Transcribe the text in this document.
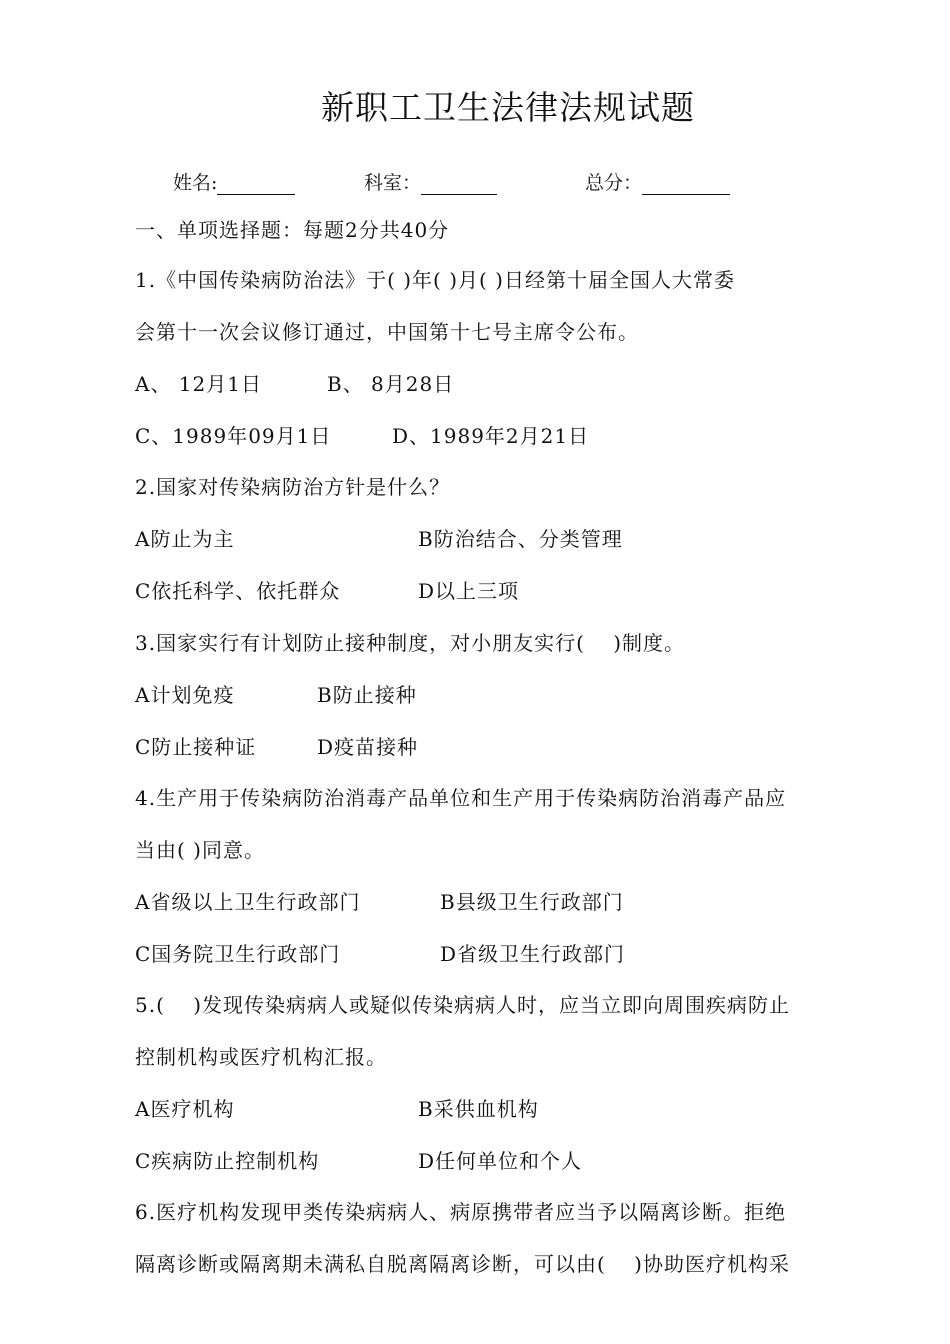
新职工卫生法律法规试题
姓名:	科室：	总分：
一、单项选择题：每题2分共40分
1.《中国传染病防治法》于( )年( )月( )日经第十届全国人大常委
会第十一次会议修订通过，中国第十七号主席令公布。
A、 12月1日	B、 8月28日
C、1989年09月1日	D、1989年2月21日
2.国家对传染病防治方针是什么？
A防止为主	B防治结合、分类管理
C依托科学、依托群众	D以上三项
3.国家实行有计划防止接种制度，对小朋友实行(　 )制度。
A计划免疫	B防止接种
C防止接种证	D疫苗接种
4.生产用于传染病防治消毒产品单位和生产用于传染病防治消毒产品应
当由( )同意。
A省级以上卫生行政部门	B县级卫生行政部门
C国务院卫生行政部门	D省级卫生行政部门
5.(　 )发现传染病病人或疑似传染病病人时，应当立即向周围疾病防止
控制机构或医疗机构汇报。
A医疗机构	B采供血机构
C疾病防止控制机构	D任何单位和个人
6.医疗机构发现甲类传染病病人、病原携带者应当予以隔离诊断。拒绝
隔离诊断或隔离期未满私自脱离隔离诊断，可以由(　 )协助医疗机构采
